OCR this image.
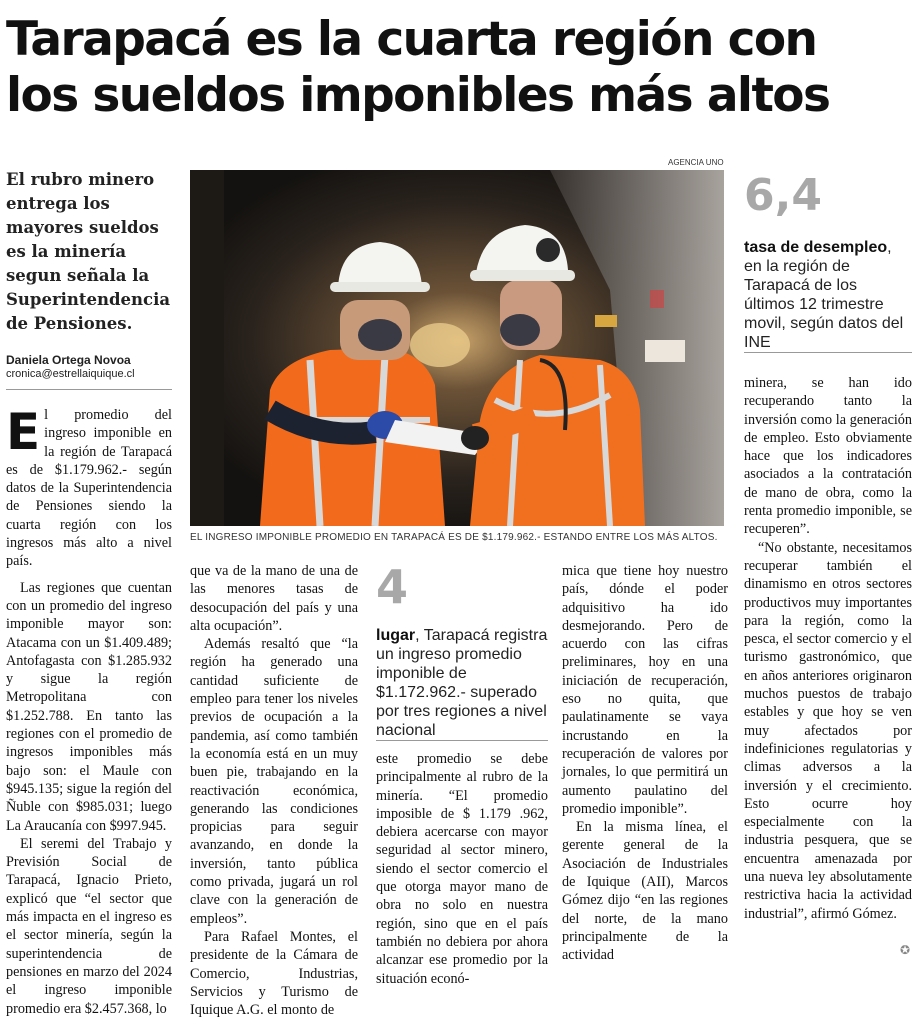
Tarapacá es la cuarta región con
los sueldos imponibles más altos
El rubro minero entrega los mayores sueldos es la minería segun señala la Superintendencia de Pensiones.
Daniela Ortega Novoa
cronica@estrellaiquique.cl
AGENCIA UNO
EL INGRESO IMPONIBLE PROMEDIO EN TARAPACÁ ES DE $1.179.962.- ESTANDO ENTRE LOS MÁS ALTOS.
6,4
tasa de desempleo, en la región de Tarapacá de los últimos 12 trimestre movil, según datos del INE
4
lugar, Tarapacá registra un ingreso promedio imponible de $1.172.962.- superado por tres regiones a nivel nacional

El promedio del ingreso imponible en la región de Tarapacá es de $1.179.962.- según datos de la Superintendencia de Pensiones siendo la cuarta región con los ingresos más alto a nivel país.

Las regiones que cuentan con un promedio del ingreso imponible mayor son: Atacama con un $1.409.489; Antofagasta con $1.285.932 y sigue la región Metropolitana con $1.252.788. En tanto las regiones con el promedio de ingresos imponibles más bajo son: el Maule con $945.135; sigue la región del Ñuble con $985.031; luego La Araucanía con $997.945.

El seremi del Trabajo y Previsión Social de Tarapacá, Ignacio Prieto, explicó que “el sector que más impacta en el ingreso es el sector minería, según la superintendencia de pensiones en marzo del 2024 el ingreso imponible promedio era $2.457.368, lo

que va de la mano de una de las menores tasas de desocupación del país y una alta ocupación”.

Además resaltó que “la región ha generado una cantidad suficiente de empleo para tener los niveles previos de ocupación a la pandemia, así como también la economía está en un muy buen pie, trabajando en la reactivación económica, generando las condiciones propicias para seguir avanzando, en donde la inversión, tanto pública como privada, jugará un rol clave con la generación de empleos”.

Para Rafael Montes, el presidente de la Cámara de Comercio, Industrias, Servicios y Turismo de Iquique A.G. el monto de

este promedio se debe principalmente al rubro de la minería. “El promedio imposible de $ 1.179 .962, debiera acercarse con mayor seguridad al sector minero, siendo el sector comercio el que otorga mayor mano de obra no solo en nuestra región, sino que en el país también no debiera por ahora alcanzar ese promedio por la situación econó-

mica que tiene hoy nuestro país, dónde el poder adquisitivo ha ido desmejorando. Pero de acuerdo con las cifras preliminares, hoy en una iniciación de recuperación, eso no quita, que paulatinamente se vaya incrustando en la recuperación de valores por jornales, lo que permitirá un aumento paulatino del promedio imponible”.

En la misma línea, el gerente general de la Asociación de Industriales de Iquique (AII), Marcos Gómez dijo “en las regiones del norte, de la mano principalmente de la actividad

minera, se han ido recuperando tanto la inversión como la generación de empleo. Esto obviamente hace que los indicadores asociados a la contratación de mano de obra, como la renta promedio imponible, se recuperen”.

“No obstante, necesitamos recuperar también el dinamismo en otros sectores productivos muy importantes para la región, como la pesca, el sector comercio y el turismo gastronómico, que en años anteriores originaron muchos puestos de trabajo estables y que hoy se ven muy afectados por indefiniciones regulatorias y climas adversos a la inversión y el crecimiento. Esto ocurre hoy especialmente con la industria pesquera, que se encuentra amenazada por una nueva ley absolutamente restrictiva hacia la actividad industrial”, afirmó Gómez.

✪
